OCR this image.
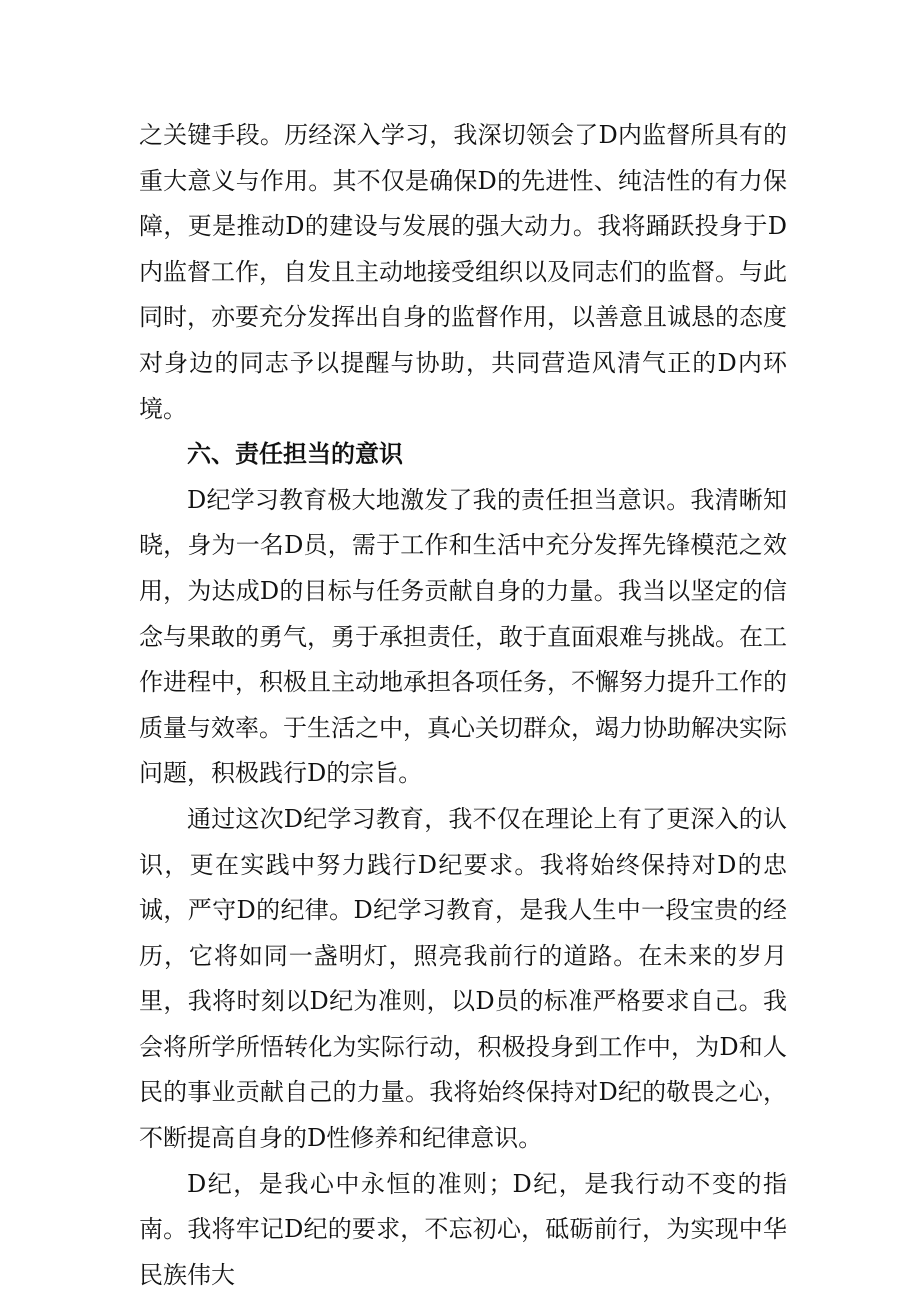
之关键手段。历经深入学习，我深切领会了D内监督所具有的重大意义与作用。其不仅是确保D的先进性、纯洁性的有力保障，更是推动D的建设与发展的强大动力。我将踊跃投身于D内监督工作，自发且主动地接受组织以及同志们的监督。与此同时，亦要充分发挥出自身的监督作用，以善意且诚恳的态度对身边的同志予以提醒与协助，共同营造风清气正的D内环境。

六、责任担当的意识

D纪学习教育极大地激发了我的责任担当意识。我清晰知晓，身为一名D员，需于工作和生活中充分发挥先锋模范之效用，为达成D的目标与任务贡献自身的力量。我当以坚定的信念与果敢的勇气，勇于承担责任，敢于直面艰难与挑战。在工作进程中，积极且主动地承担各项任务，不懈努力提升工作的质量与效率。于生活之中，真心关切群众，竭力协助解决实际问题，积极践行D的宗旨。

通过这次D纪学习教育，我不仅在理论上有了更深入的认识，更在实践中努力践行D纪要求。我将始终保持对D的忠诚，严守D的纪律。D纪学习教育，是我人生中一段宝贵的经历，它将如同一盏明灯，照亮我前行的道路。在未来的岁月里，我将时刻以D纪为准则，以D员的标准严格要求自己。我会将所学所悟转化为实际行动，积极投身到工作中，为D和人民的事业贡献自己的力量。我将始终保持对D纪的敬畏之心，不断提高自身的D性修养和纪律意识。

D纪，是我心中永恒的准则；D纪，是我行动不变的指南。我将牢记D纪的要求，不忘初心，砥砺前行，为实现中华民族伟大
